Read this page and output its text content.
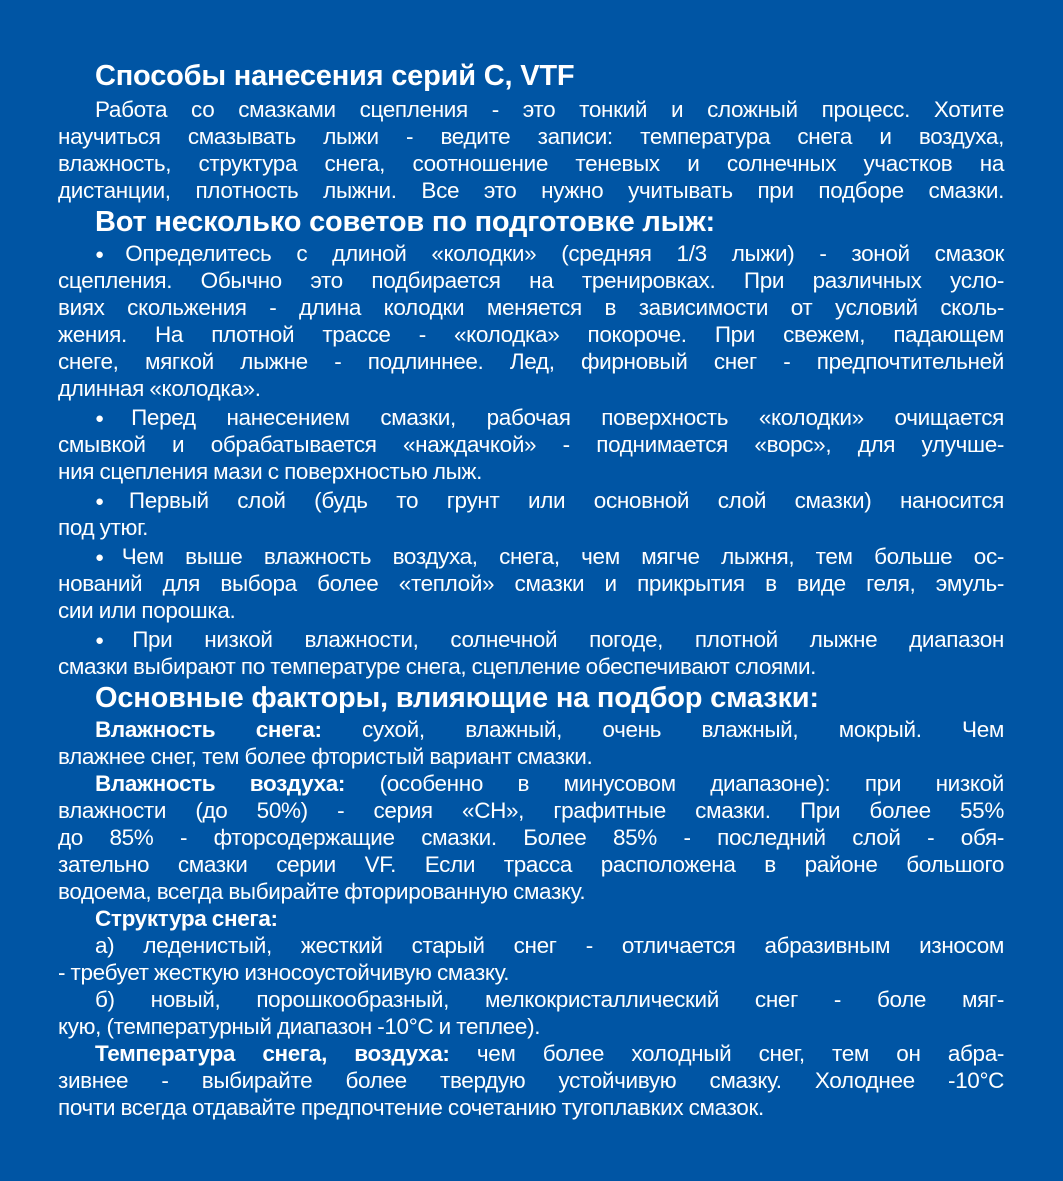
Способы нанесения серий С, VTF
Работа со смазками сцепления - это тонкий и сложный процесс. Хотите
научиться смазывать лыжи - ведите записи: температура снега и воздуха,
влажность, структура снега, соотношение теневых и солнечных участков на
дистанции, плотность лыжни. Все это нужно учитывать при подборе смазки.
Вот несколько советов по подготовке лыж:
●Определитесь с длиной «колодки» (средняя 1/3 лыжи) - зоной смазок
сцепления. Обычно это подбирается на тренировках. При различных усло-
виях скольжения - длина колодки меняется в зависимости от условий сколь-
жения. На плотной трассе - «колодка» покороче. При свежем, падающем
снеге, мягкой лыжне - подлиннее. Лед, фирновый снег - предпочтительней
длинная «колодка».
●Перед нанесением смазки, рабочая поверхность «колодки» очищается
смывкой и обрабатывается «наждачкой» - поднимается «ворс», для улучше-
ния сцепления мази с поверхностью лыж.
●Первый слой (будь то грунт или основной слой смазки) наносится
под утюг.
●Чем выше влажность воздуха, снега, чем мягче лыжня, тем больше ос-
нований для выбора более «теплой» смазки и прикрытия в виде геля, эмуль-
сии или порошка.
●При низкой влажности, солнечной погоде, плотной лыжне диапазон
смазки выбирают по температуре снега, сцепление обеспечивают слоями.
Основные факторы, влияющие на подбор смазки:
Влажность снега: сухой, влажный, очень влажный, мокрый. Чем
влажнее снег, тем более фтористый вариант смазки.
Влажность воздуха: (особенно в минусовом диапазоне): при низкой
влажности (до 50%) - серия «СН», графитные смазки. При более 55%
до 85% - фторсодержащие смазки. Более 85% - последний слой - обя-
зательно смазки серии VF. Если трасса расположена в районе большого
водоема, всегда выбирайте фторированную смазку.
Структура снега:
а) леденистый, жесткий старый снег - отличается абразивным износом
- требует жесткую износоустойчивую смазку.
б) новый, порошкообразный, мелкокристаллический снег - боле мяг-
кую, (температурный диапазон -10°С и теплее).
Температура снега, воздуха: чем более холодный снег, тем он абра-
зивнее - выбирайте более твердую устойчивую смазку. Холоднее -10°С
почти всегда отдавайте предпочтение сочетанию тугоплавких смазок.
